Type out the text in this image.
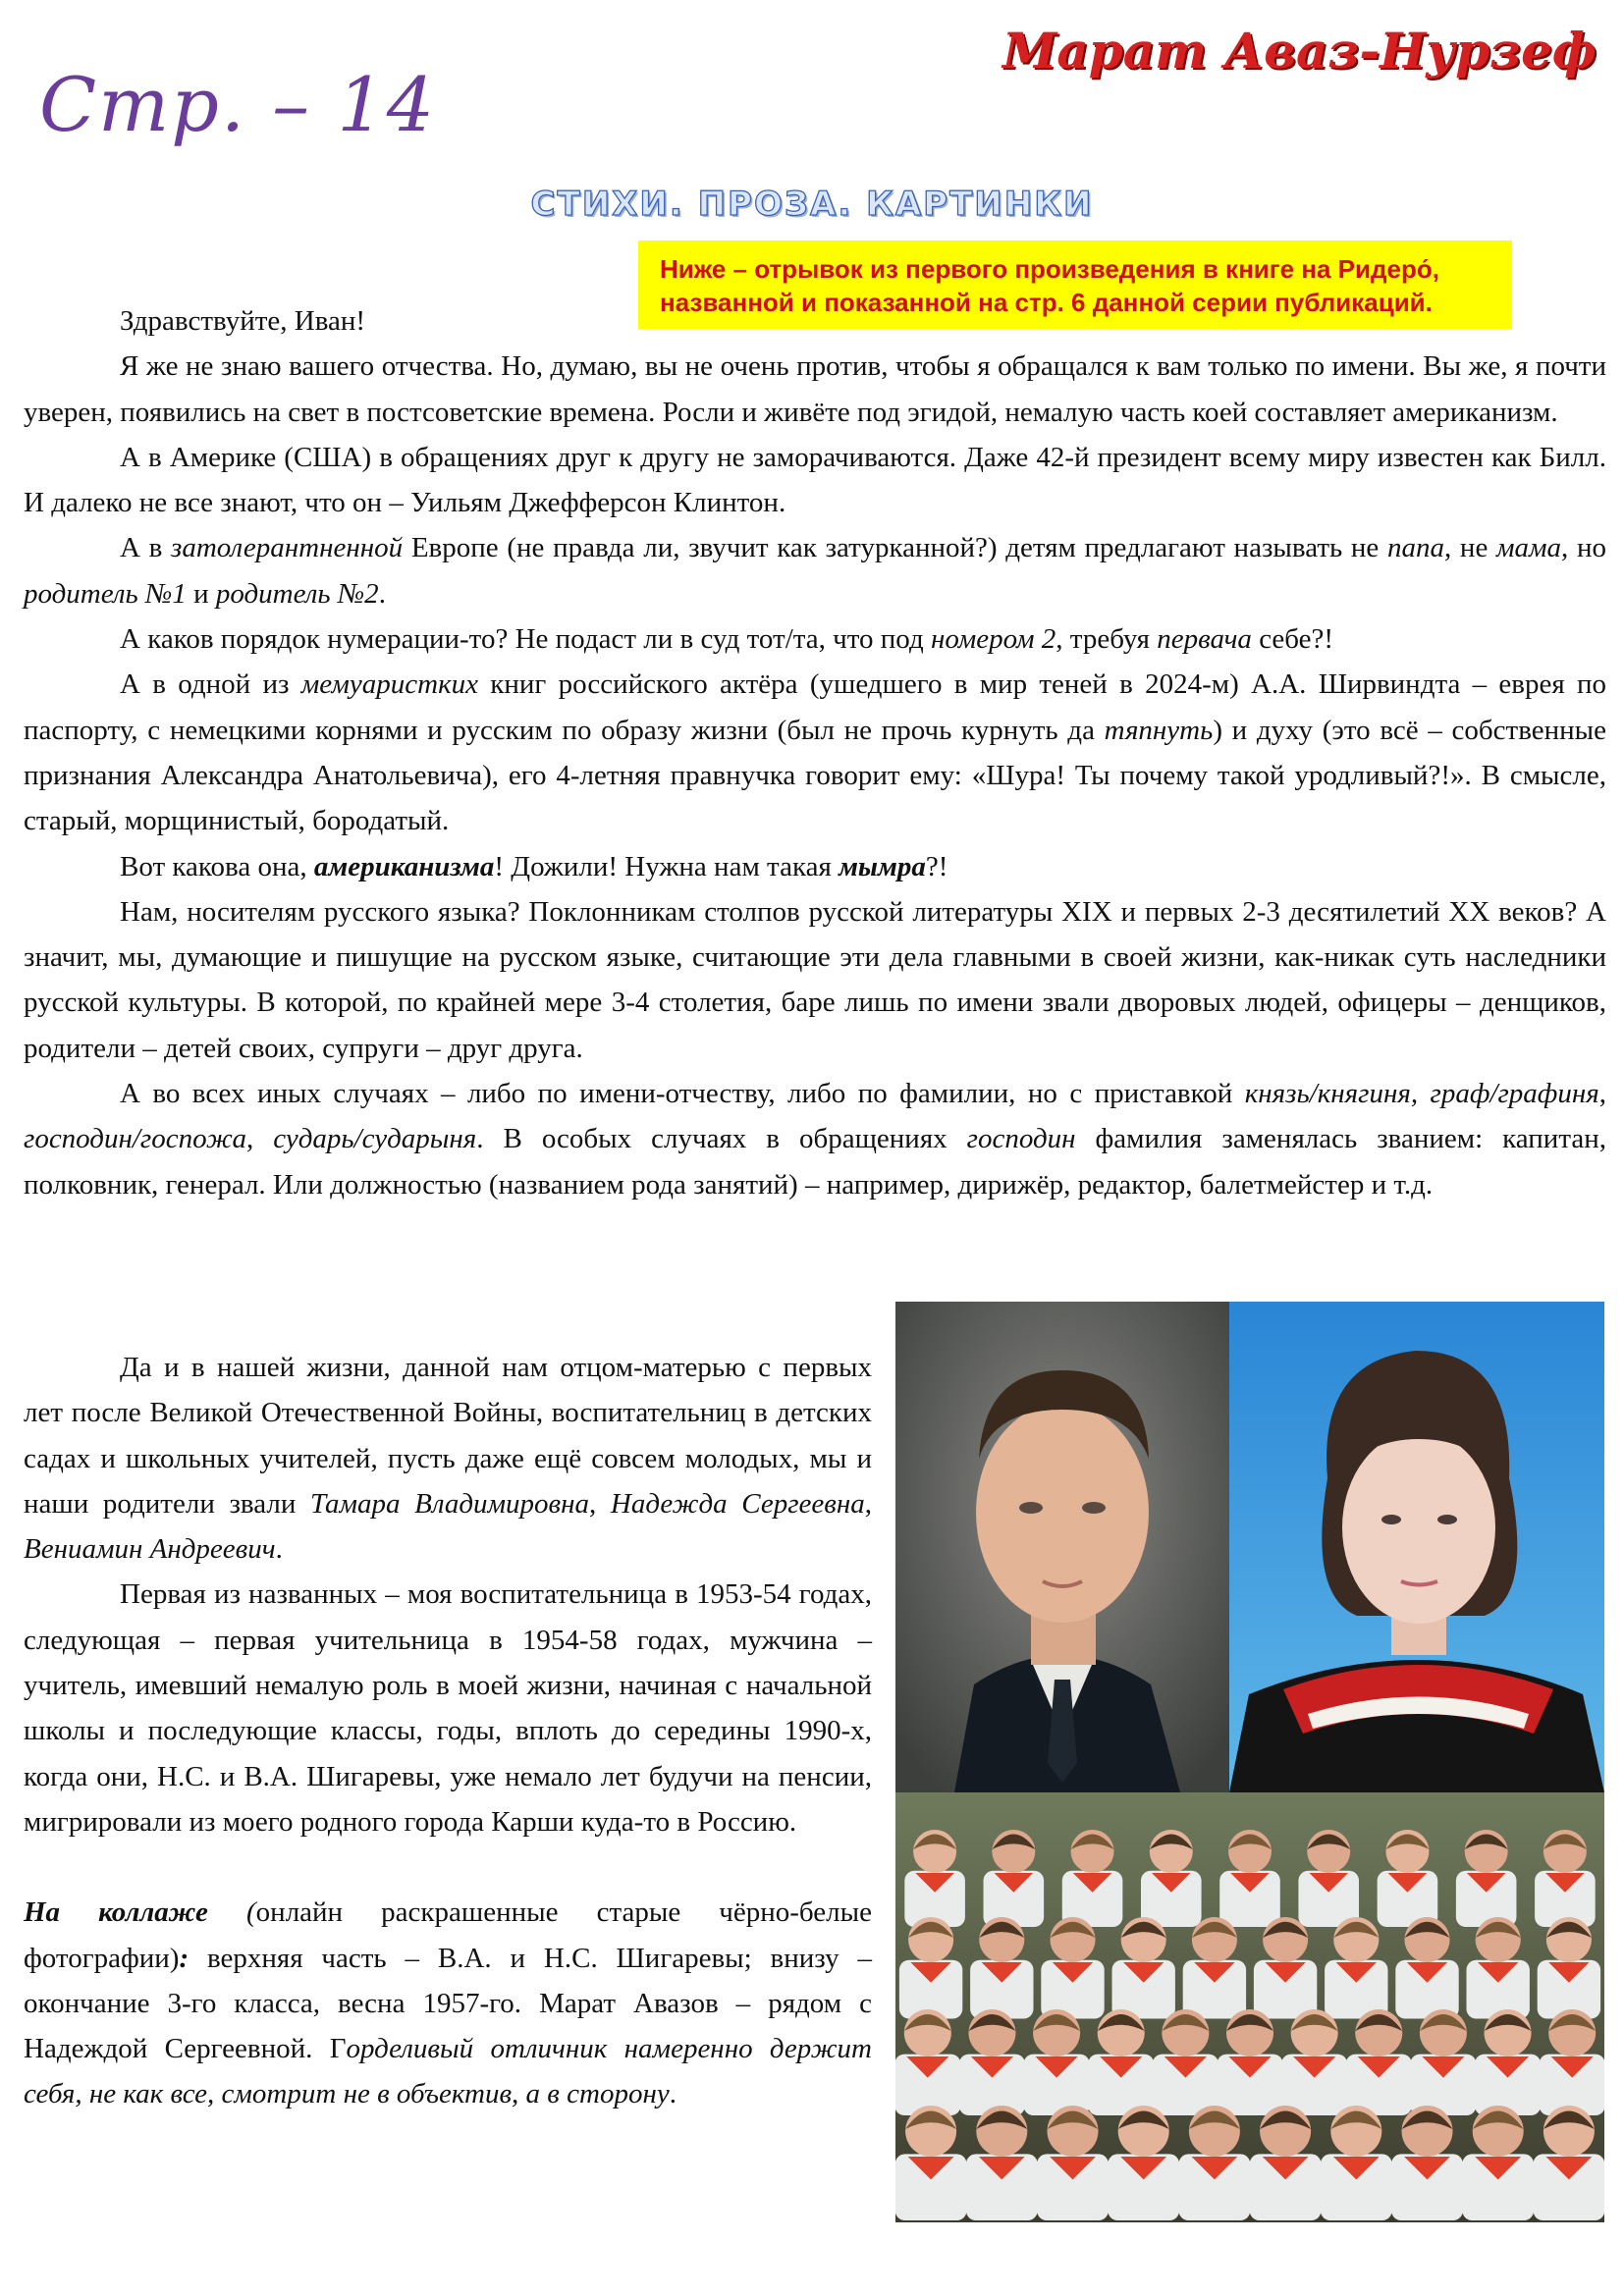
Стр. – 14
Марат Аваз-Нурзеф
СТИХИ. ПРОЗА. КАРТИНКИ
Ниже – отрывок из первого произведения в книге на Ридеро́,
названной и показанной на стр. 6 данной серии публикаций.

Здравствуйте, Иван!

Я же не знаю вашего отчества. Но, думаю, вы не очень против, чтобы я обращался к вам только по имени. Вы же, я почти уверен, появились на свет в постсоветские времена. Росли и живёте под эгидой, немалую часть коей составляет американизм.

А в Америке (США) в обращениях друг к другу не заморачиваются. Даже 42-й президент всему миру известен как Билл. И далеко не все знают, что он – Уильям Джефферсон Клинтон.

А в затолерантненной Европе (не правда ли, звучит как затурканной?) детям предлагают называть не папа, не мама, но родитель №1 и родитель №2.

А каков порядок нумерации-то? Не подаст ли в суд тот/та, что под номером 2, требуя первача себе?!

А в одной из мемуаристких книг российского актёра (ушедшего в мир теней в 2024-м) А.А. Ширвиндта – еврея по паспорту, с немецкими корнями и русским по образу жизни (был не прочь курнуть да тяпнуть) и духу (это всё – собственные признания Александра Анатольевича), его 4-летняя правнучка говорит ему: «Шура! Ты почему такой уродливый?!». В смысле, старый, морщинистый, бородатый.

Вот какова она, американизма! Дожили! Нужна нам такая мымра?!

Нам, носителям русского языка? Поклонникам столпов русской литературы XIX и первых 2-3 десятилетий XX веков? А значит, мы, думающие и пишущие на русском языке, считающие эти дела главными в своей жизни, как-никак суть наследники русской культуры. В которой, по крайней мере 3-4 столетия, баре лишь по имени звали дворовых людей, офицеры – денщиков, родители – детей своих, супруги – друг друга.

А во всех иных случаях – либо по имени-отчеству, либо по фамилии, но с приставкой князь/княгиня, граф/графиня, господин/госпожа, сударь/сударыня. В особых случаях в обращениях господин фамилия заменялась званием: капитан, полковник, генерал. Или должностью (названием рода занятий) – например, дирижёр, редактор, балетмейстер и т.д.

Да и в нашей жизни, данной нам отцом-матерью с первых лет после Великой Отечественной Войны, воспитательниц в детских садах и школьных учителей, пусть даже ещё совсем молодых, мы и наши родители звали Тамара Владимировна, Надежда Сергеевна, Вениамин Андреевич.

Первая из названных – моя воспитательница в 1953-54 годах, следующая – первая учительница в 1954-58 годах, мужчина – учитель, имевший немалую роль в моей жизни, начиная с начальной школы и последующие классы, годы, вплоть до середины 1990-х, когда они, Н.С. и В.А. Шигаревы, уже немало лет будучи на пенсии, мигрировали из моего родного города Карши куда-то в Россию.

На коллаже (онлайн раскрашенные старые чёрно-белые фотографии): верхняя часть – В.А. и Н.С. Шигаревы; внизу – окончание 3-го класса, весна 1957-го. Марат Авазов – рядом с Надеждой Сергеевной. Горделивый отличник намеренно держит себя, не как все, смотрит не в объектив, а в сторону.
